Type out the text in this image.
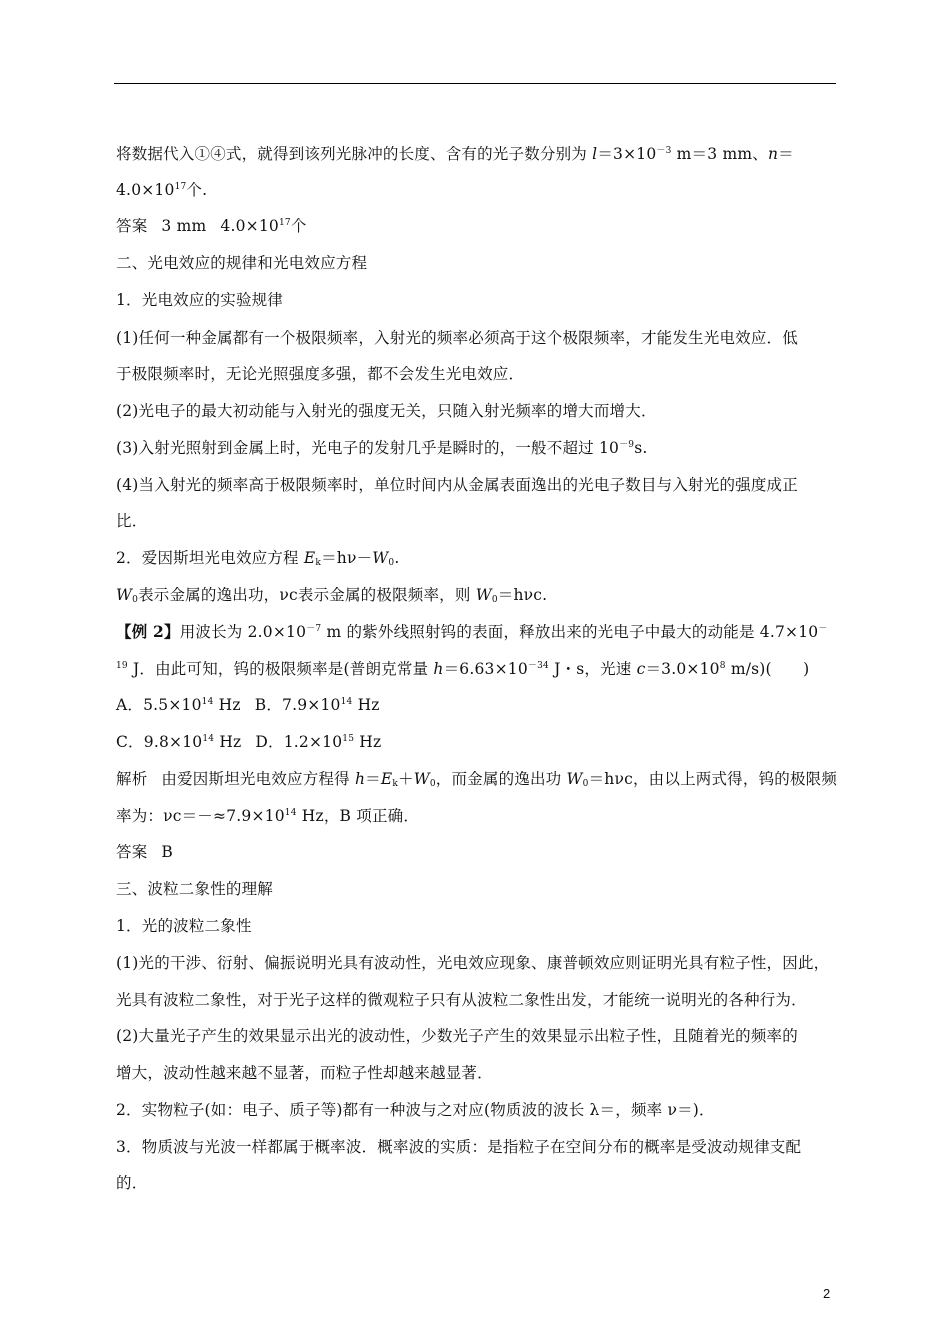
将数据代入①④式，就得到该列光脉冲的长度、含有的光子数分别为 $l=3\times 10^{-3}$ m＝3 mm、n＝
$4.0\times 10^{17}$个.
答案 3 mm $4.0\times 10^{17}$个
二、光电效应的规律和光电效应方程
1．光电效应的实验规律
(1)任何一种金属都有一个极限频率，入射光的频率必须高于这个极限频率，才能发生光电效应．低
于极限频率时，无论光照强度多强，都不会发生光电效应．
(2)光电子的最大初动能与入射光的强度无关，只随入射光频率的增大而增大．
(3)入射光照射到金属上时，光电子的发射几乎是瞬时的，一般不超过 $10^{-9}s$.
(4)当入射光的频率高于极限频率时，单位时间内从金属表面逸出的光电子数目与入射光的强度成正
比．
2．爱因斯坦光电效应方程 $E_k=h\nu-W_0$.
$W_0$表示金属的逸出功，νc表示金属的极限频率，则 $W_0=h\nu c$.
【例 2】用波长为 $2.0\times 10^{-7}$ m 的紫外线照射钨的表面，释放出来的光电子中最大的动能是 4.7×10－
$^{19}$ J．由此可知，钨的极限频率是(普朗克常量 $h=6.63\times 10^{-34}$ J・s，光速 $c=3.0\times 10^8$ m/s)(　　)
A．$5.5\times 10^{14}$ Hz B．$7.9\times 10^{14}$ Hz
C．$9.8\times 10^{14}$ Hz D．$1.2\times 10^{15}$ Hz
解析 由爱因斯坦光电效应方程得 $h=E_k+W_0$，而金属的逸出功 $W_0=h\nu c$，由以上两式得，钨的极限频
率为：$\nu c=-\approx 7.9\times 10^{14}$ Hz，B 项正确．
答案 B
三、波粒二象性的理解
1．光的波粒二象性
(1)光的干涉、衍射、偏振说明光具有波动性，光电效应现象、康普顿效应则证明光具有粒子性，因此，
光具有波粒二象性，对于光子这样的微观粒子只有从波粒二象性出发，才能统一说明光的各种行为．
(2)大量光子产生的效果显示出光的波动性，少数光子产生的效果显示出粒子性，且随着光的频率的
增大，波动性越来越不显著，而粒子性却越来越显著．
2．实物粒子(如：电子、质子等)都有一种波与之对应(物质波的波长 λ＝，频率 ν＝)．
3．物质波与光波一样都属于概率波．概率波的实质：是指粒子在空间分布的概率是受波动规律支配
的．
2
